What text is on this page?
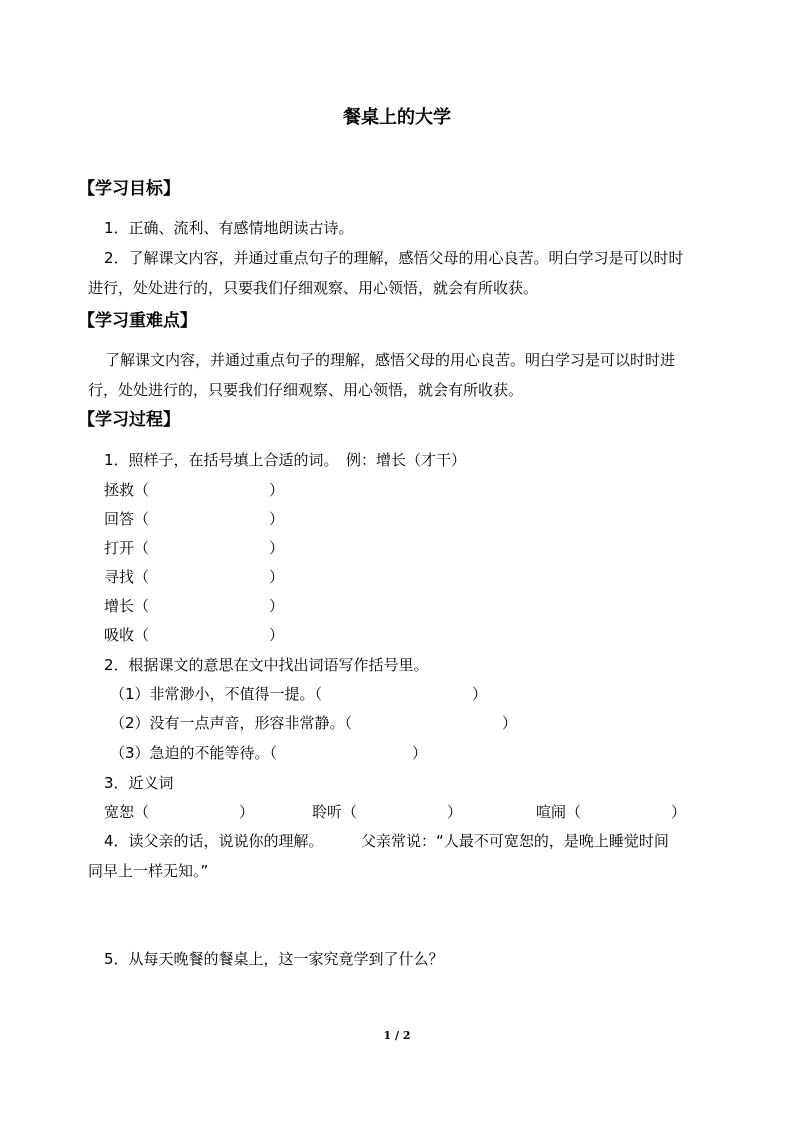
餐桌上的大学
【学习目标】
1．正确、流利、有感情地朗读古诗。
2．了解课文内容，并通过重点句子的理解，感悟父母的用心良苦。明白学习是可以时时
进行，处处进行的，只要我们仔细观察、用心领悟，就会有所收获。
【学习重难点】
了解课文内容，并通过重点句子的理解，感悟父母的用心良苦。明白学习是可以时时进
行，处处进行的，只要我们仔细观察、用心领悟，就会有所收获。
【学习过程】
1．照样子，在括号填上合适的词。　例：增长（才干）
拯救（　　　　　　　　）
回答（　　　　　　　　）
打开（　　　　　　　　）
寻找（　　　　　　　　）
增长（　　　　　　　　）
吸收（　　　　　　　　）
2．根据课文的意思在文中找出词语写作括号里。
（1）非常渺小，不值得一提。（　　　　　　　　　　）
（2）没有一点声音，形容非常静。（　　　　　　　　　　）
（3）急迫的不能等待。（　　　　　　　　　）
3．近义词
宽恕（　　　　　　）	聆听（　　　　　　）	喧闹（　　　　　　）
4．读父亲的话，说说你的理解。　　　父亲常说：“人最不可宽恕的，是晚上睡觉时间
同早上一样无知。”
5．从每天晚餐的餐桌上，这一家究竟学到了什么？
1 / 2
